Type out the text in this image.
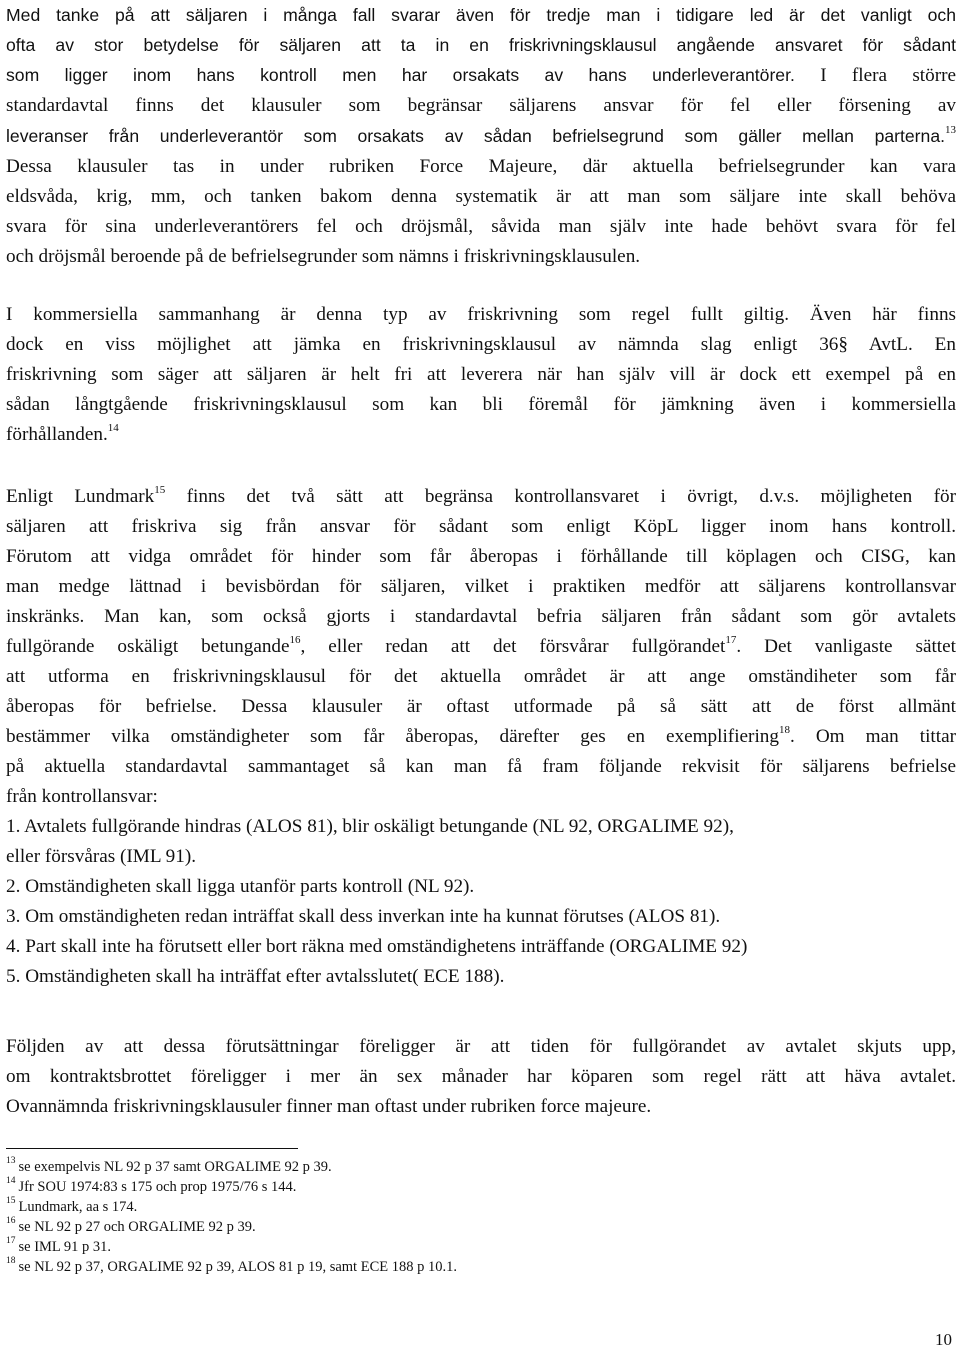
Med tanke på att säljaren i många fall svarar även för tredje man i tidigare led är det vanligt och
ofta av stor betydelse för säljaren att ta in en friskrivningsklausul angående ansvaret för sådant
som ligger inom hans kontroll men har orsakats av hans underleverantörer. I flera större
standardavtal finns det klausuler som begränsar säljarens ansvar för fel eller försening av
leveranser från underleverantör som orsakats av sådan befrielsegrund som gäller mellan parterna.$^{13}$
Dessa klausuler tas in under rubriken Force Majeure, där aktuella befrielsegrunder kan vara
eldsvåda, krig, mm, och tanken bakom denna systematik är att man som säljare inte skall behöva
svara för sina underleverantörers fel och dröjsmål, såvida man själv inte hade behövt svara för fel
och dröjsmål beroende på de befrielsegrunder som nämns i friskrivningsklausulen.
I kommersiella sammanhang är denna typ av friskrivning som regel fullt giltig. Även här finns
dock en viss möjlighet att jämka en friskrivningsklausul av nämnda slag enligt 36§ AvtL. En
friskrivning som säger att säljaren är helt fri att leverera när han själv vill är dock ett exempel på en
sådan långtgående friskrivningsklausul som kan bli föremål för jämkning även i kommersiella
förhållanden.$^{14}$
Enligt Lundmark$^{15}$ finns det två sätt att begränsa kontrollansvaret i övrigt, d.v.s. möjligheten för
säljaren att friskriva sig från ansvar för sådant som enligt KöpL ligger inom hans kontroll.
Förutom att vidga området för hinder som får åberopas i förhållande till köplagen och CISG, kan
man medge lättnad i bevisbördan för säljaren, vilket i praktiken medför att säljarens kontrollansvar
inskränks. Man kan, som också gjorts i standardavtal befria säljaren från sådant som gör avtalets
fullgörande oskäligt betungande$^{16}$, eller redan att det försvårar fullgörandet$^{17}$. Det vanligaste sättet
att utforma en friskrivningsklausul för det aktuella området är att ange omständiheter som får
åberopas för befrielse. Dessa klausuler är oftast utformade på så sätt att de först allmänt
bestämmer vilka omständigheter som får åberopas, därefter ges en exemplifiering$^{18}$. Om man tittar
på aktuella standardavtal sammantaget så kan man få fram följande rekvisit för säljarens befrielse
från kontrollansvar:
1. Avtalets fullgörande hindras (ALOS 81), blir oskäligt betungande (NL 92, ORGALIME 92),
eller försvåras (IML 91).
2. Omständigheten skall ligga utanför parts kontroll (NL 92).
3. Om omständigheten redan inträffat skall dess inverkan inte ha kunnat förutses (ALOS 81).
4. Part skall inte ha förutsett eller bort räkna med omständighetens inträffande (ORGALIME 92)
5. Omständigheten skall ha inträffat efter avtalsslutet( ECE 188).
Följden av att dessa förutsättningar föreligger är att tiden för fullgörandet av avtalet skjuts upp,
om kontraktsbrottet föreligger i mer än sex månader har köparen som regel rätt att häva avtalet.
Ovannämnda friskrivningsklausuler finner man oftast under rubriken force majeure.
$^{13}$ se exempelvis NL 92 p 37 samt ORGALIME 92 p 39.
$^{14}$ Jfr SOU 1974:83 s 175 och prop 1975/76 s 144.
$^{15}$ Lundmark, aa s 174.
$^{16}$ se NL 92 p 27 och ORGALIME 92 p 39.
$^{17}$ se IML 91 p 31.
$^{18}$ se NL 92 p 37, ORGALIME 92 p 39, ALOS 81 p 19, samt ECE 188 p 10.1.
10
